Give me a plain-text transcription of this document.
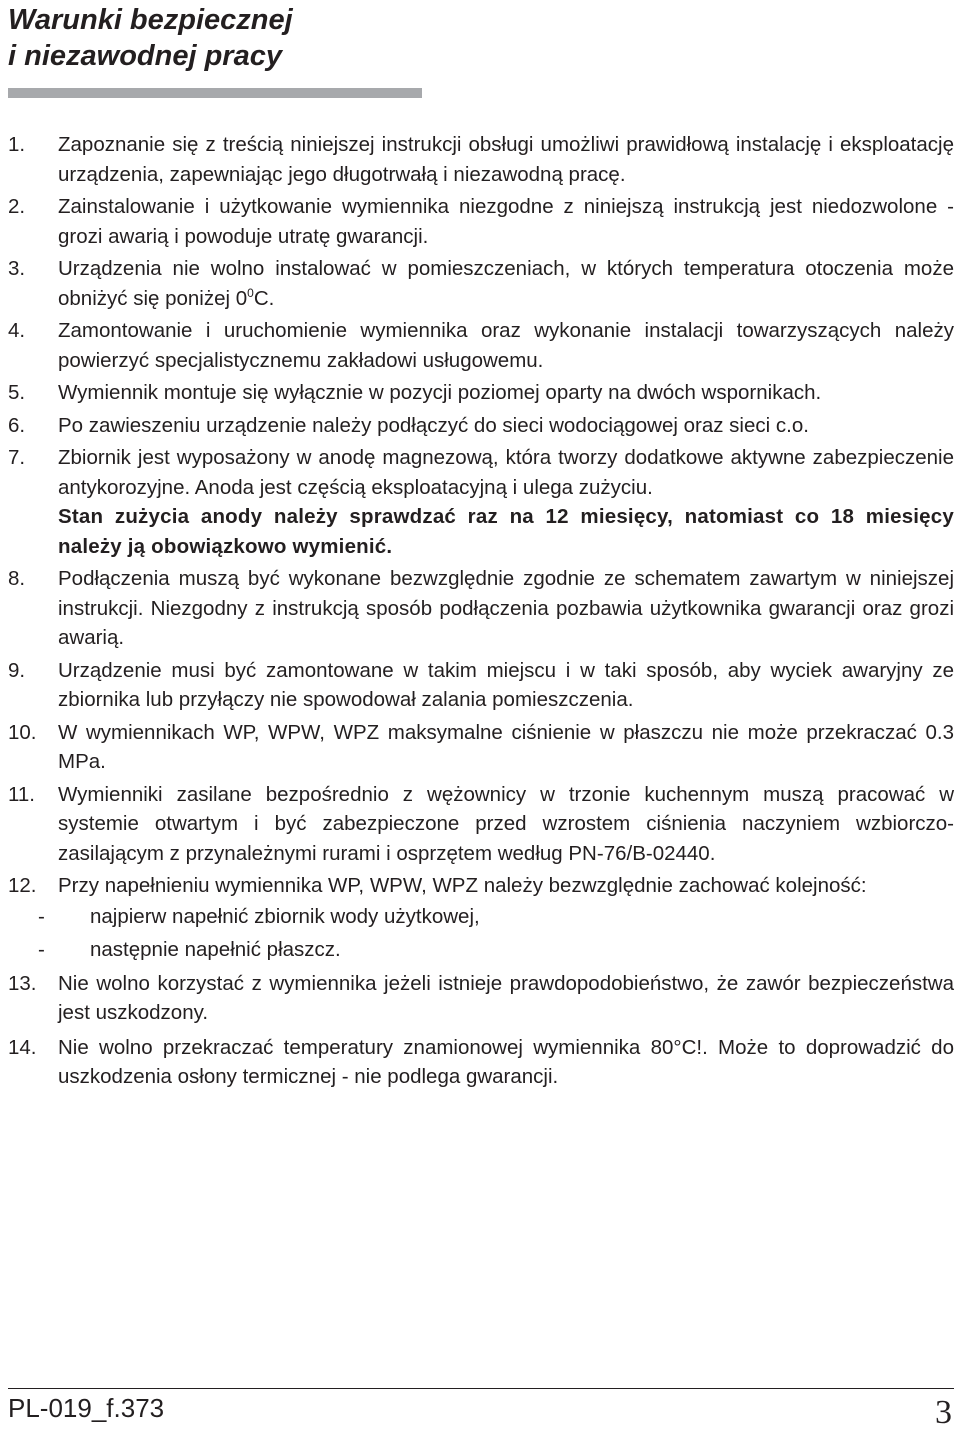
Warunki bezpiecznej
i niezawodnej pracy
1.	Zapoznanie się z treścią niniejszej instrukcji obsługi umożliwi prawidłową instalację i eksploatację urządzenia, zapewniając jego długotrwałą i niezawodną pracę.
2.	Zainstalowanie i użytkowanie wymiennika niezgodne z niniejszą instrukcją jest niedozwolone - grozi awarią i powoduje utratę gwarancji.
3.	Urządzenia nie wolno instalować w pomieszczeniach, w których temperatura otoczenia może obniżyć się poniżej $0^0C$.
4.	Zamontowanie i uruchomienie wymiennika oraz wykonanie instalacji towarzyszących należy powierzyć specjalistycznemu zakładowi usługowemu.
5.	Wymiennik montuje się wyłącznie w pozycji poziomej oparty na dwóch wspornikach.
6.	Po zawieszeniu urządzenie należy podłączyć do sieci wodociągowej oraz sieci c.o.
7.	Zbiornik jest wyposażony w anodę magnezową, która tworzy dodatkowe aktywne zabezpieczenie antykorozyjne. Anoda jest częścią eksploatacyjną i ulega zużyciu.

Stan zużycia anody należy sprawdzać raz na 12 miesięcy, natomiast co 18 miesięcy należy ją obowiązkowo wymienić.

8.	Podłączenia muszą być wykonane bezwzględnie zgodnie ze schematem zawartym w niniejszej instrukcji. Niezgodny z instrukcją sposób podłączenia pozbawia użytkownika gwarancji oraz grozi awarią.
9.	Urządzenie musi być zamontowane w takim miejscu i w taki sposób, aby wyciek awaryjny ze zbiornika lub przyłączy nie spowodował zalania pomieszczenia.
10.	W wymiennikach WP, WPW, WPZ maksymalne ciśnienie w płaszczu nie może przekraczać 0.3 MPa.
11.	Wymienniki zasilane bezpośrednio z wężownicy w trzonie kuchennym muszą pracować w systemie otwartym i być zabezpieczone przed wzrostem ciśnienia naczyniem wzbiorczo-zasilającym z przynależnymi rurami i osprzętem według PN-76/B-02440.
12.	Przy napełnieniu wymiennika WP, WPW, WPZ należy bezwzględnie zachować kolejność:
-	najpierw napełnić zbiornik wody użytkowej,
-	następnie napełnić płaszcz.
13.	Nie wolno korzystać z wymiennika jeżeli istnieje prawdopodobieństwo, że zawór bezpieczeństwa jest uszkodzony.
14.	Nie wolno przekraczać temperatury znamionowej wymiennika 80°C!. Może to doprowadzić do uszkodzenia osłony termicznej - nie podlega gwarancji.
PL-019_f.373	3
